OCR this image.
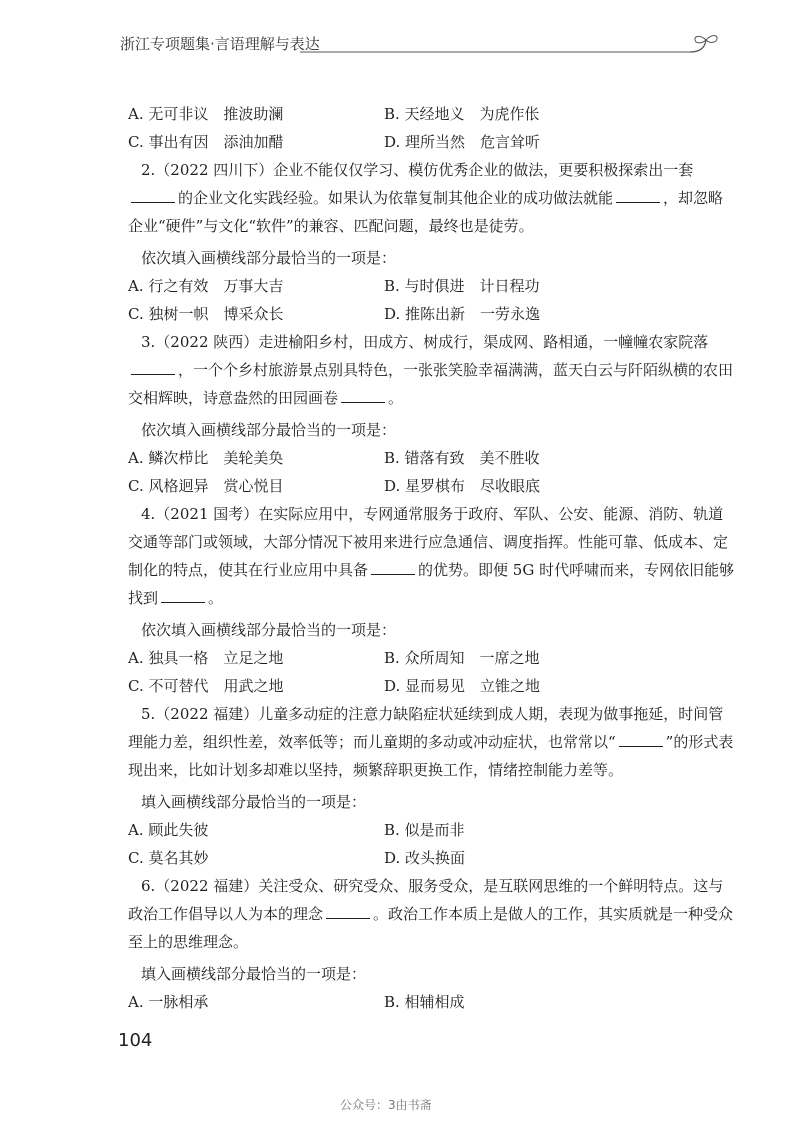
浙江专项题集·言语理解与表达
A. 无可非议　推波助澜	B. 天经地义　为虎作伥
C. 事出有因　添油加醋	D. 理所当然　危言耸听

2.（2022 四川下）企业不能仅仅学习、模仿优秀企业的做法，更要积极探索出一套的企业文化实践经验。如果认为依靠复制其他企业的成功做法就能	，却忽略企业“硬件”与文化“软件”的兼容、匹配问题，最终也是徒劳。

依次填入画横线部分最恰当的一项是：
A. 行之有效　万事大吉	B. 与时俱进　计日程功
C. 独树一帜　博采众长	D. 推陈出新　一劳永逸

3.（2022 陕西）走进榆阳乡村，田成方、树成行，渠成网、路相通，一幢幢农家院落，一个个乡村旅游景点别具特色，一张张笑脸幸福满满，蓝天白云与阡陌纵横的农田交相辉映，诗意盎然的田园画卷	。

依次填入画横线部分最恰当的一项是：
A. 鳞次栉比　美轮美奂	B. 错落有致　美不胜收
C. 风格迥异　赏心悦目	D. 星罗棋布　尽收眼底

4.（2021 国考）在实际应用中，专网通常服务于政府、军队、公安、能源、消防、轨道交通等部门或领域，大部分情况下被用来进行应急通信、调度指挥。性能可靠、低成本、定制化的特点，使其在行业应用中具备	的优势。即便 5G 时代呼啸而来，专网依旧能够找到	。

依次填入画横线部分最恰当的一项是：
A. 独具一格　立足之地	B. 众所周知　一席之地
C. 不可替代　用武之地	D. 显而易见　立锥之地

5.（2022 福建）儿童多动症的注意力缺陷症状延续到成人期，表现为做事拖延，时间管理能力差，组织性差，效率低等；而儿童期的多动或冲动症状，也常常以“	”的形式表现出来，比如计划多却难以坚持，频繁辞职更换工作，情绪控制能力差等。

填入画横线部分最恰当的一项是：
A. 顾此失彼	B. 似是而非
C. 莫名其妙	D. 改头换面

6.（2022 福建）关注受众、研究受众、服务受众，是互联网思维的一个鲜明特点。这与政治工作倡导以人为本的理念	。政治工作本质上是做人的工作，其实质就是一种受众至上的思维理念。

填入画横线部分最恰当的一项是：
A. 一脉相承	B. 相辅相成
104
公众号：3由书斋
